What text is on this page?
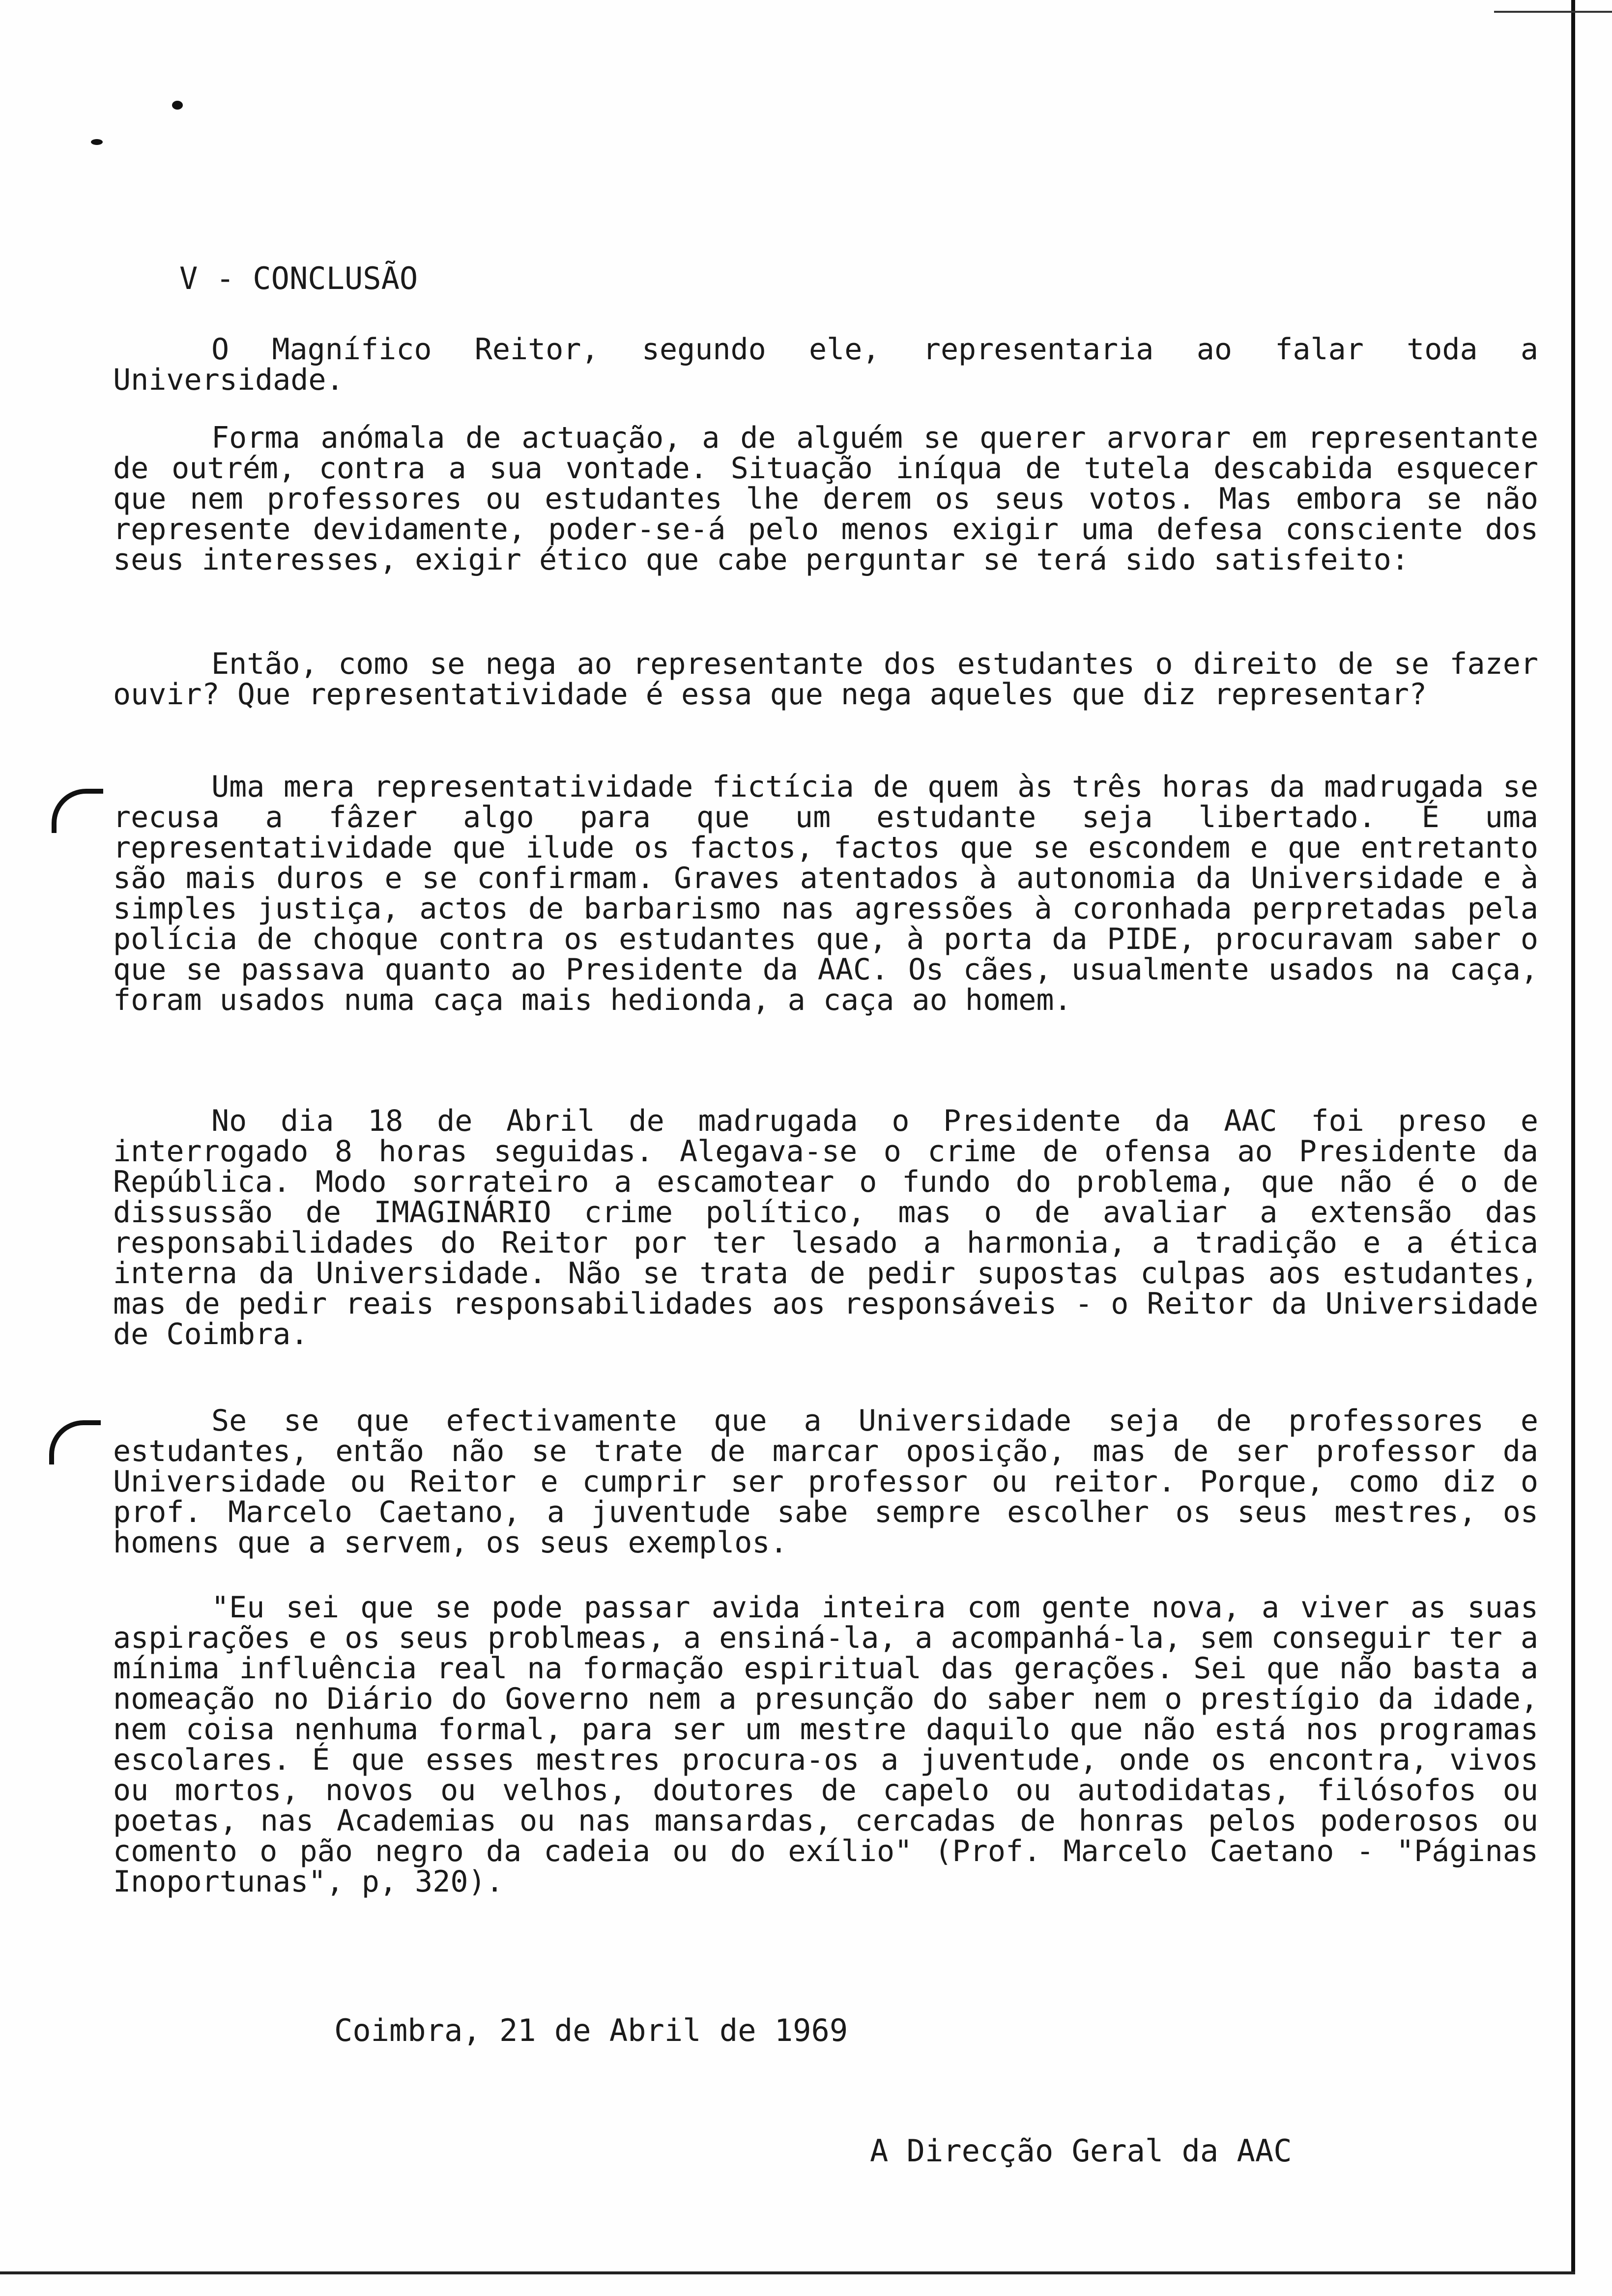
V - CONCLUSÃO

O Magnífico Reitor, segundo ele, representaria ao falar toda a Universidade.

Forma anómala de actuação, a de alguém se querer arvorar em representante de outrém, contra a sua vontade. Situação iníqua de tutela descabida esquecer que nem professores ou estudantes lhe derem os seus votos. Mas embora se não represente devidamente, poder-se-á pelo menos exigir uma defesa consciente dos seus interesses, exigir ético que cabe perguntar se terá sido satisfeito:

Então, como se nega ao representante dos estudantes o direito de se fazer ouvir? Que representatividade é essa que nega aqueles que diz representar?

Uma mera representatividade fictícia de quem às três horas da madrugada se recusa a fâzer algo para que um estudante seja libertado. É uma representatividade que ilude os factos, factos que se escondem e que entretanto são mais duros e se confirmam. Graves atentados à autonomia da Universidade e à simples justiça, actos de barbarismo nas agressões à coronhada perpretadas pela polícia de choque contra os estudantes que, à porta da PIDE, procuravam saber o que se passava quanto ao Presidente da AAC. Os cães, usualmente usados na caça, foram usados numa caça mais hedionda, a caça ao homem.

No dia 18 de Abril de madrugada o Presidente da AAC foi preso e interrogado 8 horas seguidas. Alegava-se o crime de ofensa ao Presidente da República. Modo sorrateiro a escamotear o fundo do problema, que não é o de dissussão de IMAGINÁRIO crime político, mas o de avaliar a extensão das responsabilidades do Reitor por ter lesado a harmonia, a tradição e a ética interna da Universidade. Não se trata de pedir supostas culpas aos estudantes, mas de pedir reais responsabilidades aos responsáveis - o Reitor da Universidade de Coimbra.

Se se que efectivamente que a Universidade seja de professores e estudantes, então não se trate de marcar oposição, mas de ser professor da Universidade ou Reitor e cumprir ser professor ou reitor. Porque, como diz o prof. Marcelo Caetano, a juventude sabe sempre escolher os seus mestres, os homens que a servem, os seus exemplos.

"Eu sei que se pode passar avida inteira com gente nova, a viver as suas aspirações e os seus problmeas, a ensiná-la, a acompanhá-la, sem conseguir ter a mínima influência real na formação espiritual das gerações. Sei que não basta a nomeação no Diário do Governo nem a presunção do saber nem o prestígio da idade, nem coisa nenhuma formal, para ser um mestre daquilo que não está nos programas escolares. É que esses mestres procura-os a juventude, onde os encontra, vivos ou mortos, novos ou velhos, doutores de capelo ou autodidatas, filósofos ou poetas, nas Academias ou nas mansardas, cercadas de honras pelos poderosos ou comento o pão negro da cadeia ou do exílio" (Prof. Marcelo Caetano - "Páginas Inoportunas", p, 320).

Coimbra, 21 de Abril de 1969
A Direcção Geral da AAC
